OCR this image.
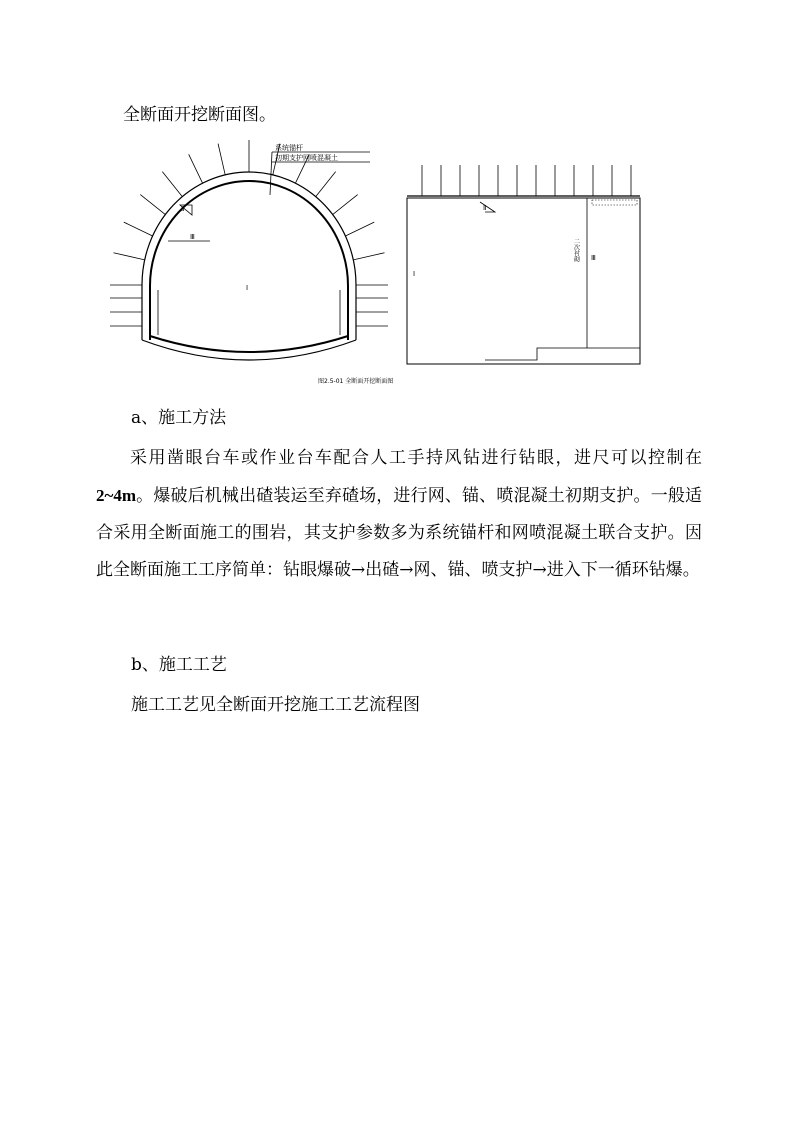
全断面开挖断面图。
系统锚杆
初期支护网喷混凝土
Ⅱ
Ⅲ
Ⅰ
Ⅰ
Ⅱ
Ⅲ
二次衬砌
图2.5-01 全断面开挖断面图
a、施工方法
采用凿眼台车或作业台车配合人工手持风钻进行钻眼，进尺可以控制在2~4m。爆破后机械出碴装运至弃碴场，进行网、锚、喷混凝土初期支护。一般适合采用全断面施工的围岩，其支护参数多为系统锚杆和网喷混凝土联合支护。因此全断面施工工序简单：钻眼爆破→出碴→网、锚、喷支护→进入下一循环钻爆。
b、施工工艺
施工工艺见全断面开挖施工工艺流程图
